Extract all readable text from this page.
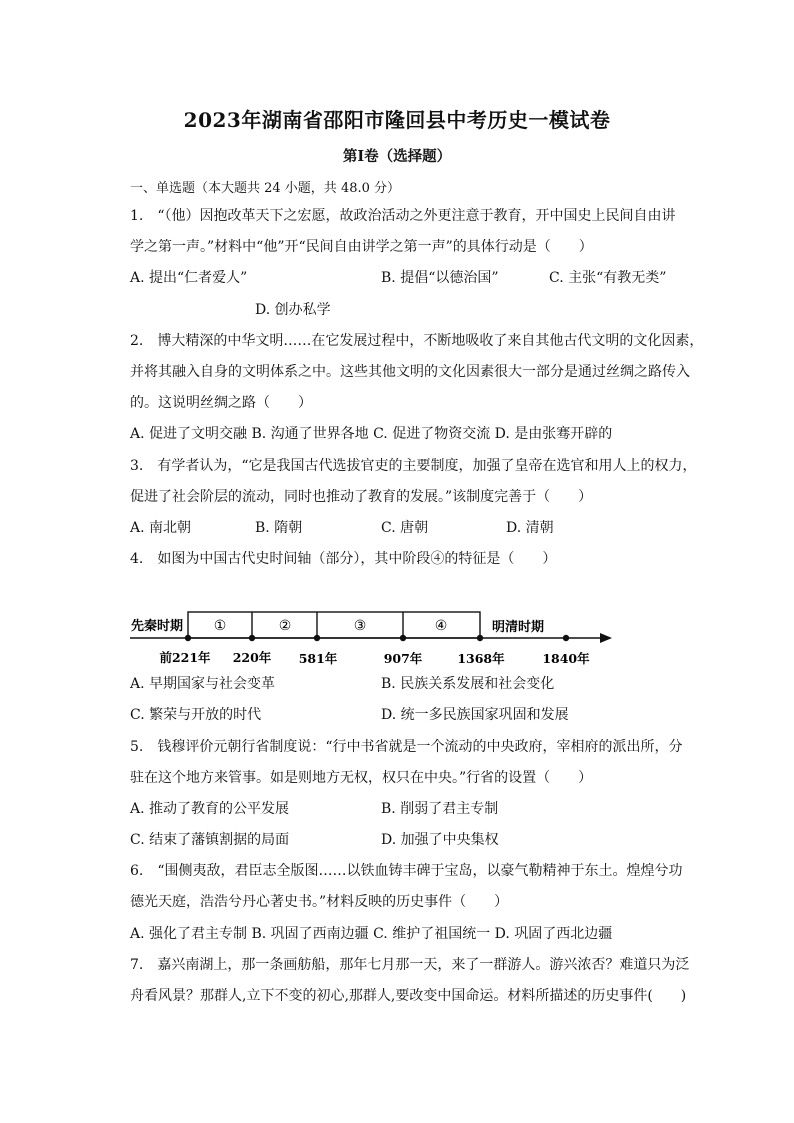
2023年湖南省邵阳市隆回县中考历史一模试卷
第Ⅰ卷（选择题）
一、单选题（本大题共 24 小题，共 48.0 分）
1.　“（他）因抱改革天下之宏愿，故政治活动之外更注意于教育，开中国史上民间自由讲
学之第一声。”材料中“他”开“民间自由讲学之第一声”的具体行动是（　　）
A. 提出“仁者爱人”	B. 提倡“以德治国”	C. 主张“有教无类”
D. 创办私学
2.　博大精深的中华文明……在它发展过程中，不断地吸收了来自其他古代文明的文化因素，
并将其融入自身的文明体系之中。这些其他文明的文化因素很大一部分是通过丝绸之路传入
的。这说明丝绸之路（　　）
A. 促进了文明交融 B. 沟通了世界各地 C. 促进了物资交流 D. 是由张骞开辟的
3.　有学者认为，“它是我国古代选拔官吏的主要制度，加强了皇帝在选官和用人上的权力，
促进了社会阶层的流动，同时也推动了教育的发展。”该制度完善于（　　）
A. 南北朝	B. 隋朝	C. 唐朝	D. 清朝
4.　如图为中国古代史时间轴（部分），其中阶段④的特征是（　　）
先秦时期	明清时期
①	②	③	④
前221年 220年 581年	907年	1368年	1840年
A. 早期国家与社会变革	B. 民族关系发展和社会变化
C. 繁荣与开放的时代	D. 统一多民族国家巩固和发展
5.　钱穆评价元朝行省制度说：“行中书省就是一个流动的中央政府，宰相府的派出所，分
驻在这个地方来管事。如是则地方无权，权只在中央。”行省的设置（　　）
A. 推动了教育的公平发展	B. 削弱了君主专制
C. 结束了藩镇割据的局面	D. 加强了中央集权
6.　“围侧夷敌，君臣志全版图……以铁血铸丰碑于宝岛，以豪气勒精神于东土。煌煌兮功
德光天庭，浩浩兮丹心著史书。”材料反映的历史事件（　　）
A. 强化了君主专制 B. 巩固了西南边疆 C. 维护了祖国统一 D. 巩固了西北边疆
7.　嘉兴南湖上，那一条画舫船，那年七月那一天，来了一群游人。游兴浓否？难道只为泛
舟看风景？那群人,立下不变的初心,那群人,要改变中国命运。材料所描述的历史事件(　　)
